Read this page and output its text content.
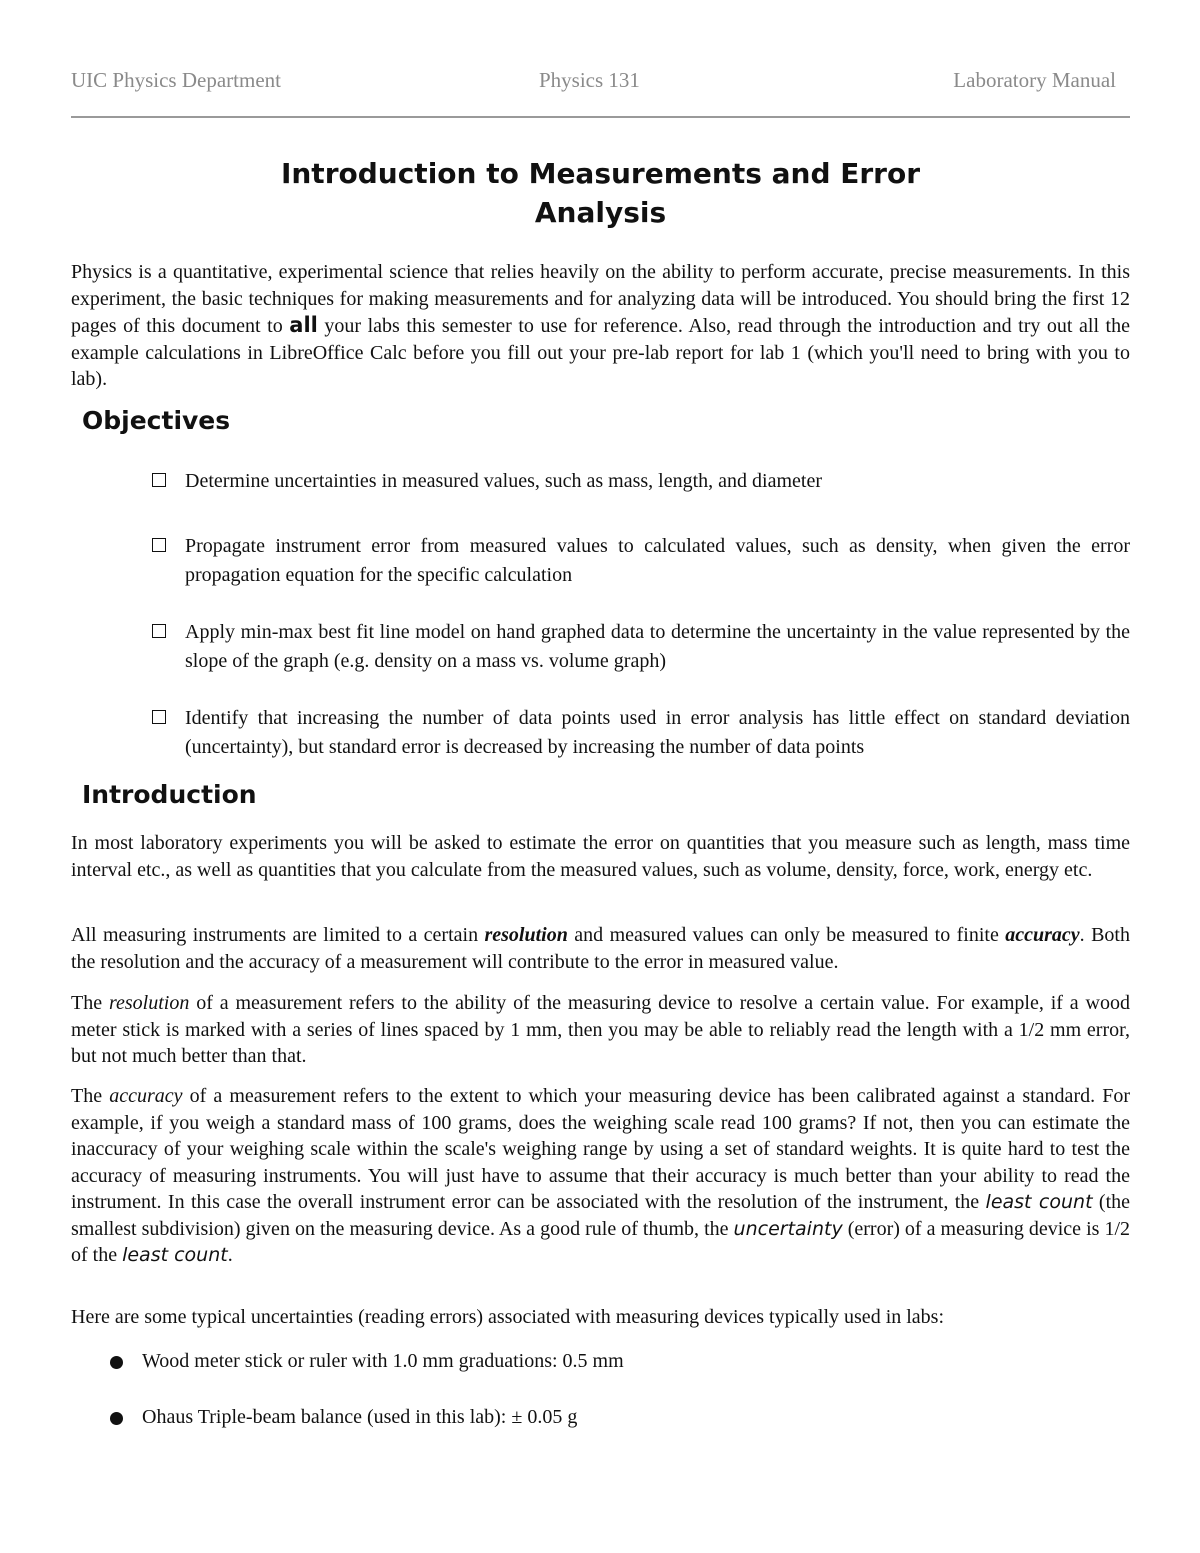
UIC Physics Department	Physics 131	Laboratory Manual
Introduction to Measurements and Error
Analysis

Physics is a quantitative, experimental science that relies heavily on the ability to perform accurate, precise measurements. In this experiment, the basic techniques for making measurements and for analyzing data will be introduced. You should bring the first 12 pages of this document to all your labs this semester to use for reference. Also, read through the introduction and try out all the example calculations in LibreOffice Calc before you fill out your pre-lab report for lab 1 (which you'll need to bring with you to lab).

Objectives
Determine uncertainties in measured values, such as mass, length, and diameter
Propagate instrument error from measured values to calculated values, such as density, when given the error propagation equation for the specific calculation
Apply min-max best fit line model on hand graphed data to determine the uncertainty in the value represented by the slope of the graph (e.g. density on a mass vs. volume graph)
Identify that increasing the number of data points used in error analysis has little effect on standard deviation (uncertainty), but standard error is decreased by increasing the number of data points
Introduction

In most laboratory experiments you will be asked to estimate the error on quantities that you measure such as length, mass time interval etc., as well as quantities that you calculate from the measured values, such as volume, density, force, work, energy etc.

All measuring instruments are limited to a certain resolution and measured values can only be measured to finite accuracy. Both the resolution and the accuracy of a measurement will contribute to the error in measured value.

The resolution of a measurement refers to the ability of the measuring device to resolve a certain value. For example, if a wood meter stick is marked with a series of lines spaced by 1 mm, then you may be able to reliably read the length with a 1/2 mm error, but not much better than that.

The accuracy of a measurement refers to the extent to which your measuring device has been calibrated against a standard. For example, if you weigh a standard mass of 100 grams, does the weighing scale read 100 grams? If not, then you can estimate the inaccuracy of your weighing scale within the scale's weighing range by using a set of standard weights. It is quite hard to test the accuracy of measuring instruments. You will just have to assume that their accuracy is much better than your ability to read the instrument. In this case the overall instrument error can be associated with the resolution of the instrument, the least count (the smallest subdivision) given on the measuring device. As a good rule of thumb, the uncertainty (error) of a measuring device is 1/2 of the least count.

Here are some typical uncertainties (reading errors) associated with measuring devices typically used in labs:

Wood meter stick or ruler with 1.0 mm graduations: 0.5 mm
Ohaus Triple-beam balance (used in this lab): ± 0.05 g
